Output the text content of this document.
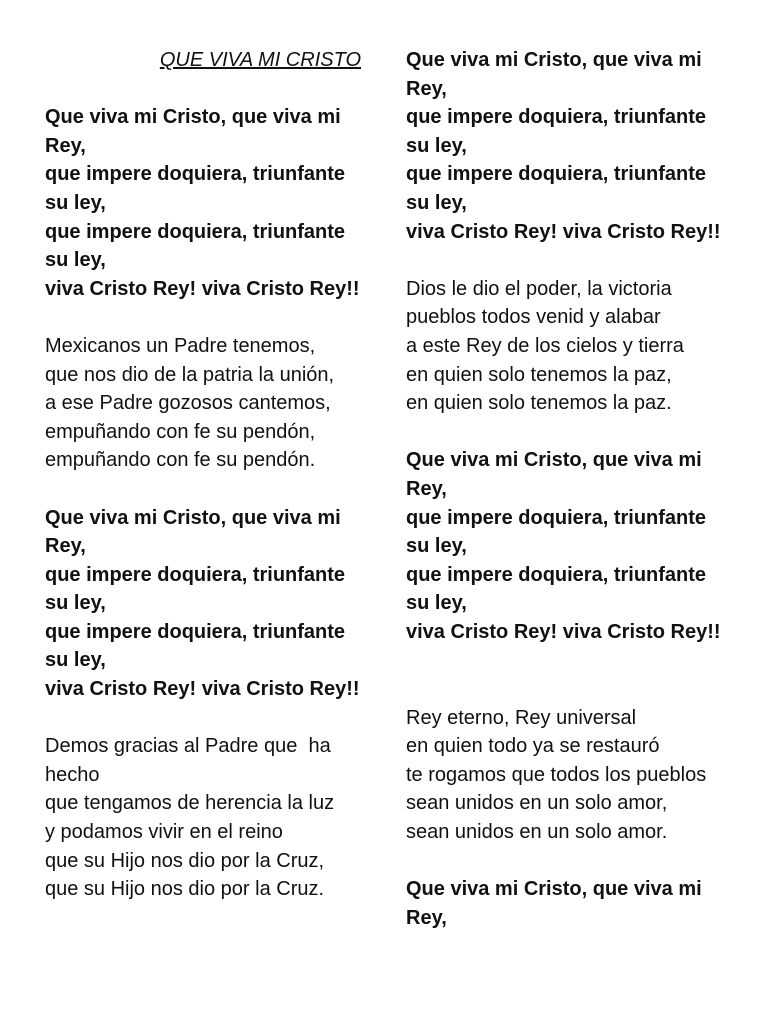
QUE VIVA MI CRISTO

Que viva mi Cristo, que viva mi
Rey,
que impere doquiera, triunfante
su ley,
que impere doquiera, triunfante
su ley,
viva Cristo Rey! viva Cristo Rey!!
Mexicanos un Padre tenemos,
que nos dio de la patria la unión,
a ese Padre gozosos cantemos,
empuñando con fe su pendón,
empuñando con fe su pendón.
Que viva mi Cristo, que viva mi
Rey,
que impere doquiera, triunfante
su ley,
que impere doquiera, triunfante
su ley,
viva Cristo Rey! viva Cristo Rey!!
Demos gracias al Padre que  ha
hecho
que tengamos de herencia la luz
y podamos vivir en el reino
que su Hijo nos dio por la Cruz,
que su Hijo nos dio por la Cruz.
Que viva mi Cristo, que viva mi
Rey,
que impere doquiera, triunfante
su ley,
que impere doquiera, triunfante
su ley,
viva Cristo Rey! viva Cristo Rey!!
Dios le dio el poder, la victoria
pueblos todos venid y alabar
a este Rey de los cielos y tierra
en quien solo tenemos la paz,
en quien solo tenemos la paz.
Que viva mi Cristo, que viva mi
Rey,
que impere doquiera, triunfante
su ley,
que impere doquiera, triunfante
su ley,
viva Cristo Rey! viva Cristo Rey!!
Rey eterno, Rey universal
en quien todo ya se restauró
te rogamos que todos los pueblos
sean unidos en un solo amor,
sean unidos en un solo amor.
Que viva mi Cristo, que viva mi
Rey,
